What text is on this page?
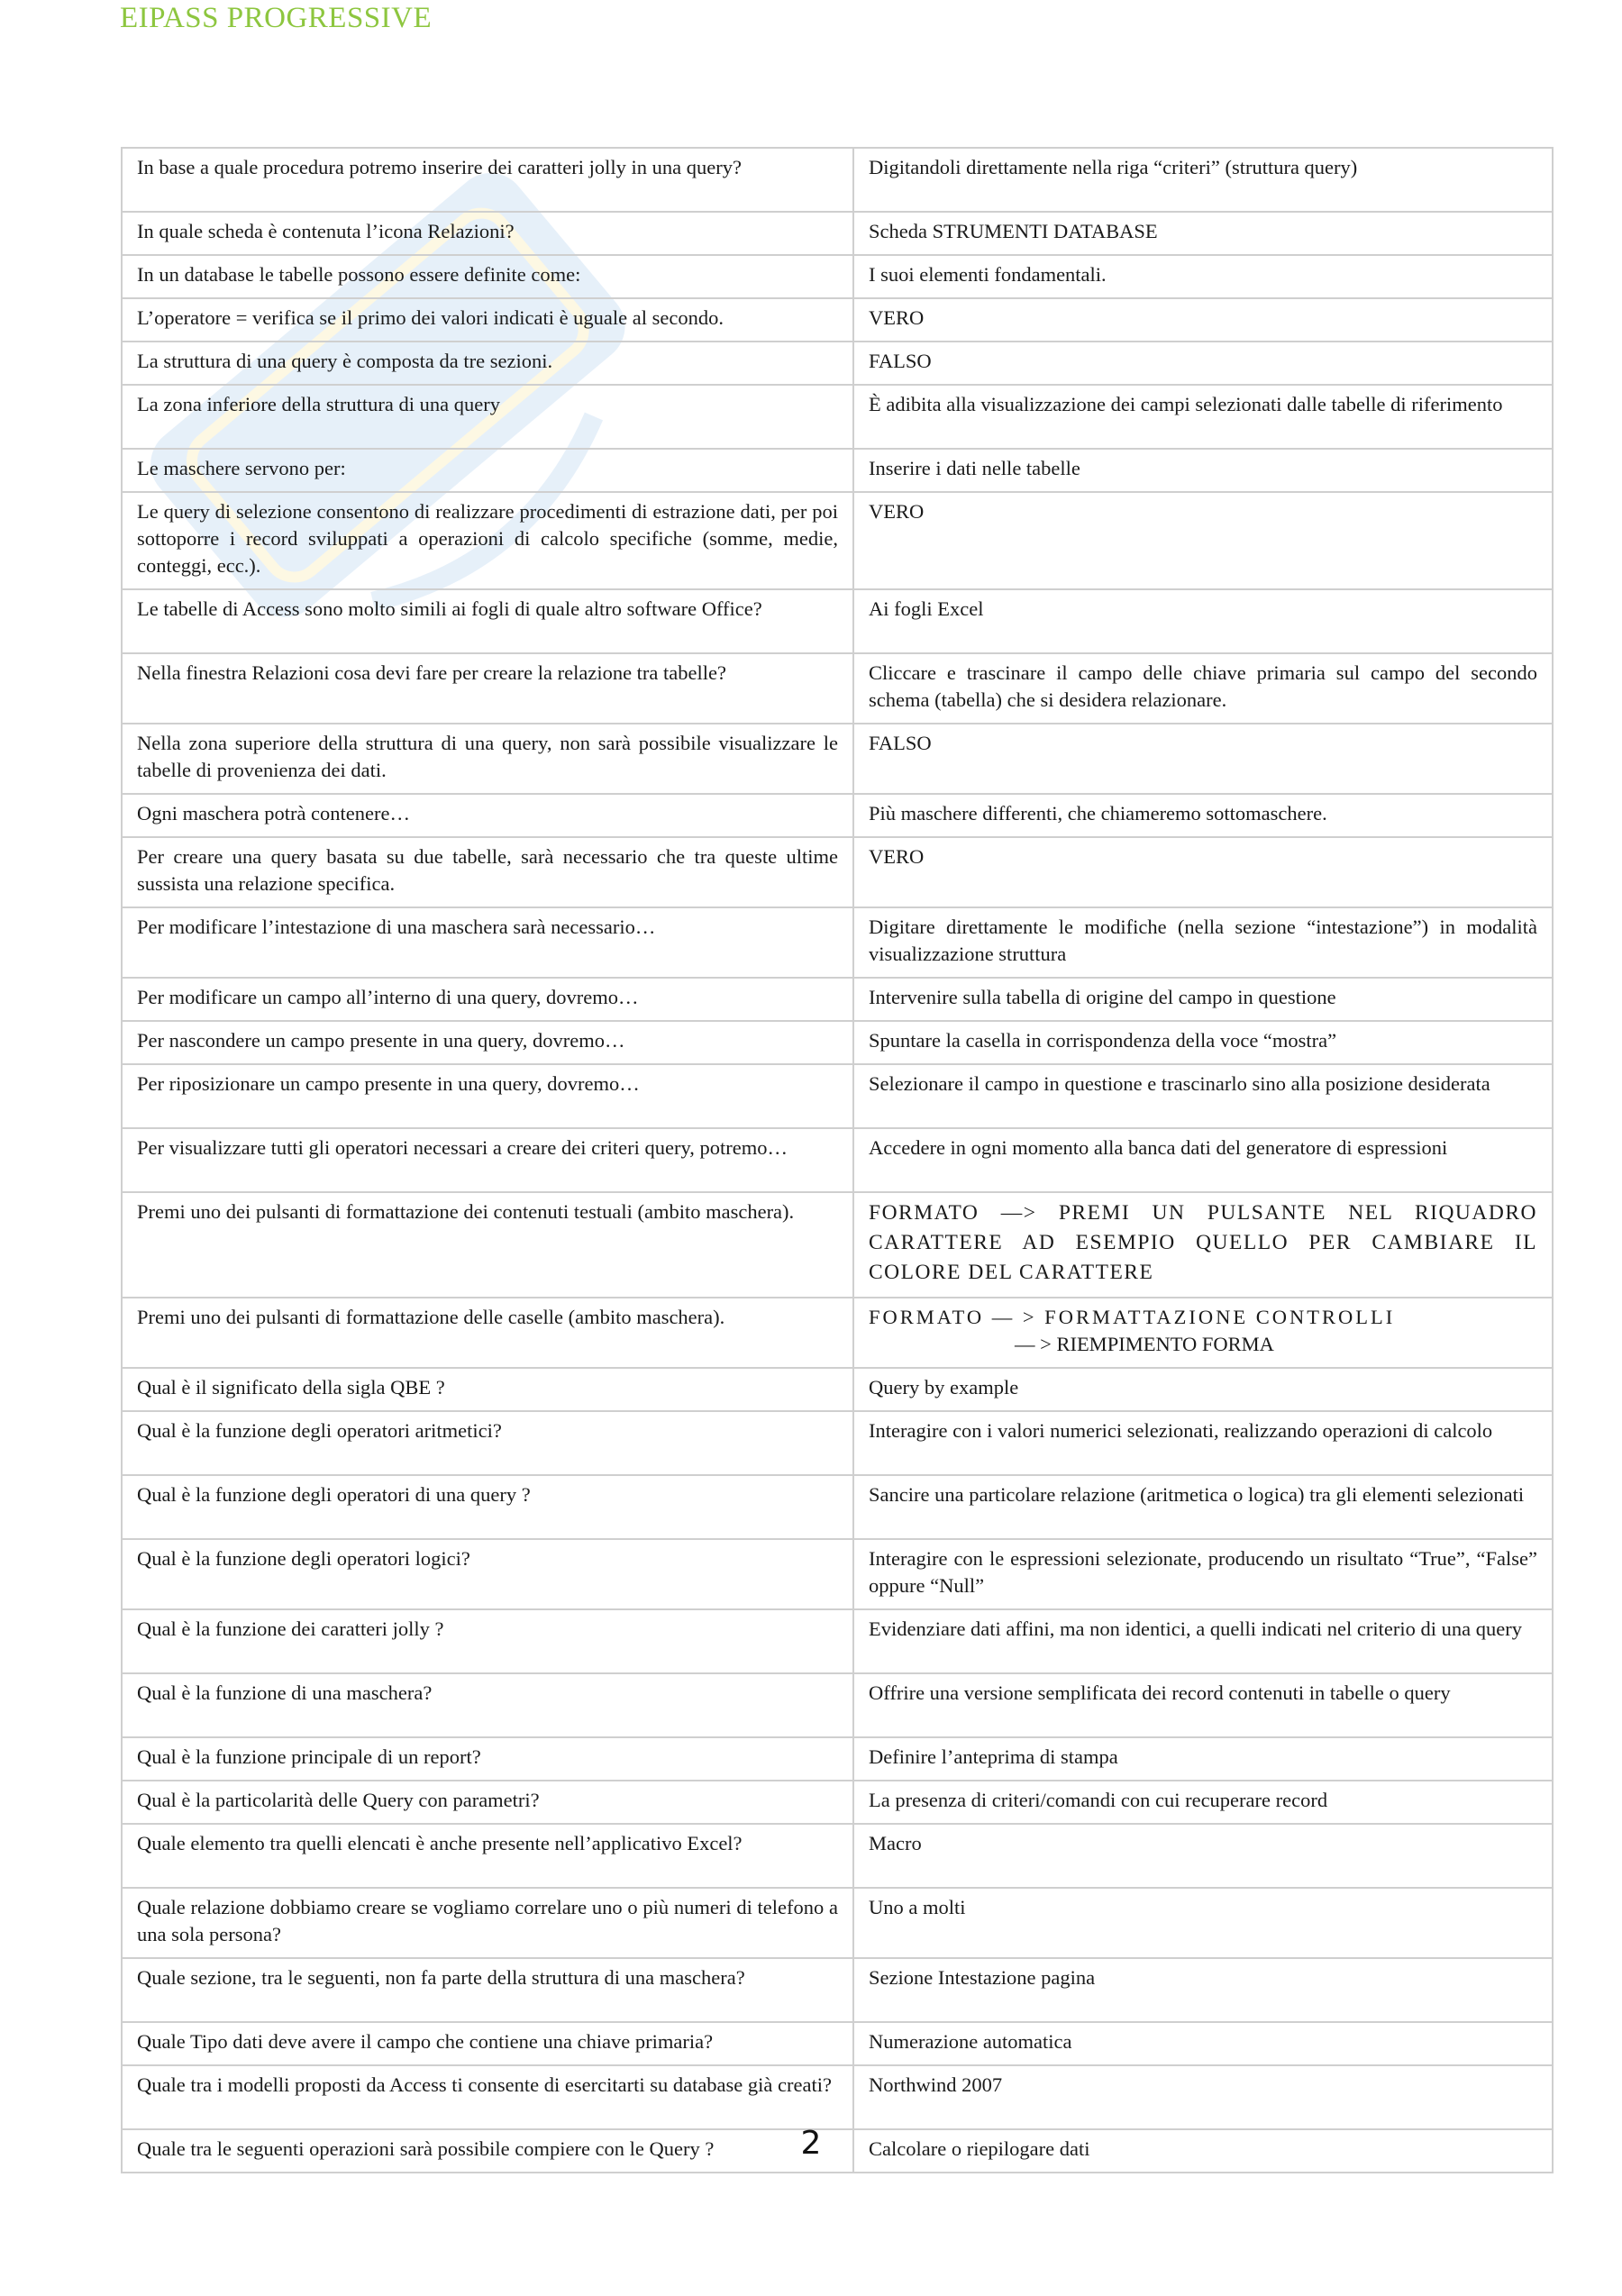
EIPASS PROGRESSIVE
In base a quale procedura potremo inserire dei caratteri jolly in una query?	Digitandoli direttamente nella riga “criteri” (struttura query)
In quale scheda è contenuta l’icona Relazioni?	Scheda STRUMENTI DATABASE
In un database le tabelle possono essere definite come:	I suoi elementi fondamentali.
L’operatore = verifica se il primo dei valori indicati è uguale al secondo.	VERO
La struttura di una query è composta da tre sezioni.	FALSO
La zona inferiore della struttura di una query	È adibita alla visualizzazione dei campi selezionati dalle tabelle di riferimento
Le maschere servono per:	Inserire i dati nelle tabelle
Le query di selezione consentono di realizzare procedimenti di estrazione dati, per poi sottoporre i record sviluppati a operazioni di calcolo specifiche (somme, medie, conteggi, ecc.).	VERO
Le tabelle di Access sono molto simili ai fogli di quale altro software Office?	Ai fogli Excel
Nella finestra Relazioni cosa devi fare per creare la relazione tra tabelle?	Cliccare e trascinare il campo delle chiave primaria sul campo del secondo schema (tabella) che si desidera relazionare.
Nella zona superiore della struttura di una query, non sarà possibile visualizzare le tabelle di provenienza dei dati.	FALSO
Ogni maschera potrà contenere…	Più maschere differenti, che chiameremo sottomaschere.
Per creare una query basata su due tabelle, sarà necessario che tra queste ultime sussista una relazione specifica.	VERO
Per modificare l’intestazione di una maschera sarà necessario…	Digitare direttamente le modifiche (nella sezione “intestazione”) in modalità visualizzazione struttura
Per modificare un campo all’interno di una query, dovremo…	Intervenire sulla tabella di origine del campo in questione
Per nascondere un campo presente in una query, dovremo…	Spuntare la casella in corrispondenza della voce “mostra”
Per riposizionare un campo presente in una query, dovremo…	Selezionare il campo in questione e trascinarlo sino alla posizione desiderata
Per visualizzare tutti gli operatori necessari a creare dei criteri query, potremo…	Accedere in ogni momento alla banca dati del generatore di espressioni
Premi uno dei pulsanti di formattazione dei contenuti testuali (ambito maschera).	FORMATO —> PREMI UN PULSANTE NEL RIQUADRO CARATTERE AD ESEMPIO QUELLO PER CAMBIARE IL COLORE DEL CARATTERE
Premi uno dei pulsanti di formattazione delle caselle (ambito maschera).	FORMATO — > FORMATTAZIONE CONTROLLI
— > RIEMPIMENTO FORMA

Qual è il significato della sigla QBE ?	Query by example
Qual è la funzione degli operatori aritmetici?	Interagire con i valori numerici selezionati, realizzando operazioni di calcolo
Qual è la funzione degli operatori di una query ?	Sancire una particolare relazione (aritmetica o logica) tra gli elementi selezionati
Qual è la funzione degli operatori logici?	Interagire con le espressioni selezionate, producendo un risultato “True”, “False” oppure “Null”
Qual è la funzione dei caratteri jolly ?	Evidenziare dati affini, ma non identici, a quelli indicati nel criterio di una query
Qual è la funzione di una maschera?	Offrire una versione semplificata dei record contenuti in tabelle o query
Qual è la funzione principale di un report?	Definire l’anteprima di stampa
Qual è la particolarità delle Query con parametri?	La presenza di criteri/comandi con cui recuperare record
Quale elemento tra quelli elencati è anche presente nell’applicativo Excel?	Macro
Quale relazione dobbiamo creare se vogliamo correlare uno o più numeri di telefono a una sola persona?	Uno a molti
Quale sezione, tra le seguenti, non fa parte della struttura di una maschera?	Sezione Intestazione pagina
Quale Tipo dati deve avere il campo che contiene una chiave primaria?	Numerazione automatica
Quale tra i modelli proposti da Access ti consente di esercitarti su database già creati?	Northwind 2007
Quale tra le seguenti operazioni sarà possibile compiere con le Query ?	Calcolare o riepilogare dati
2
